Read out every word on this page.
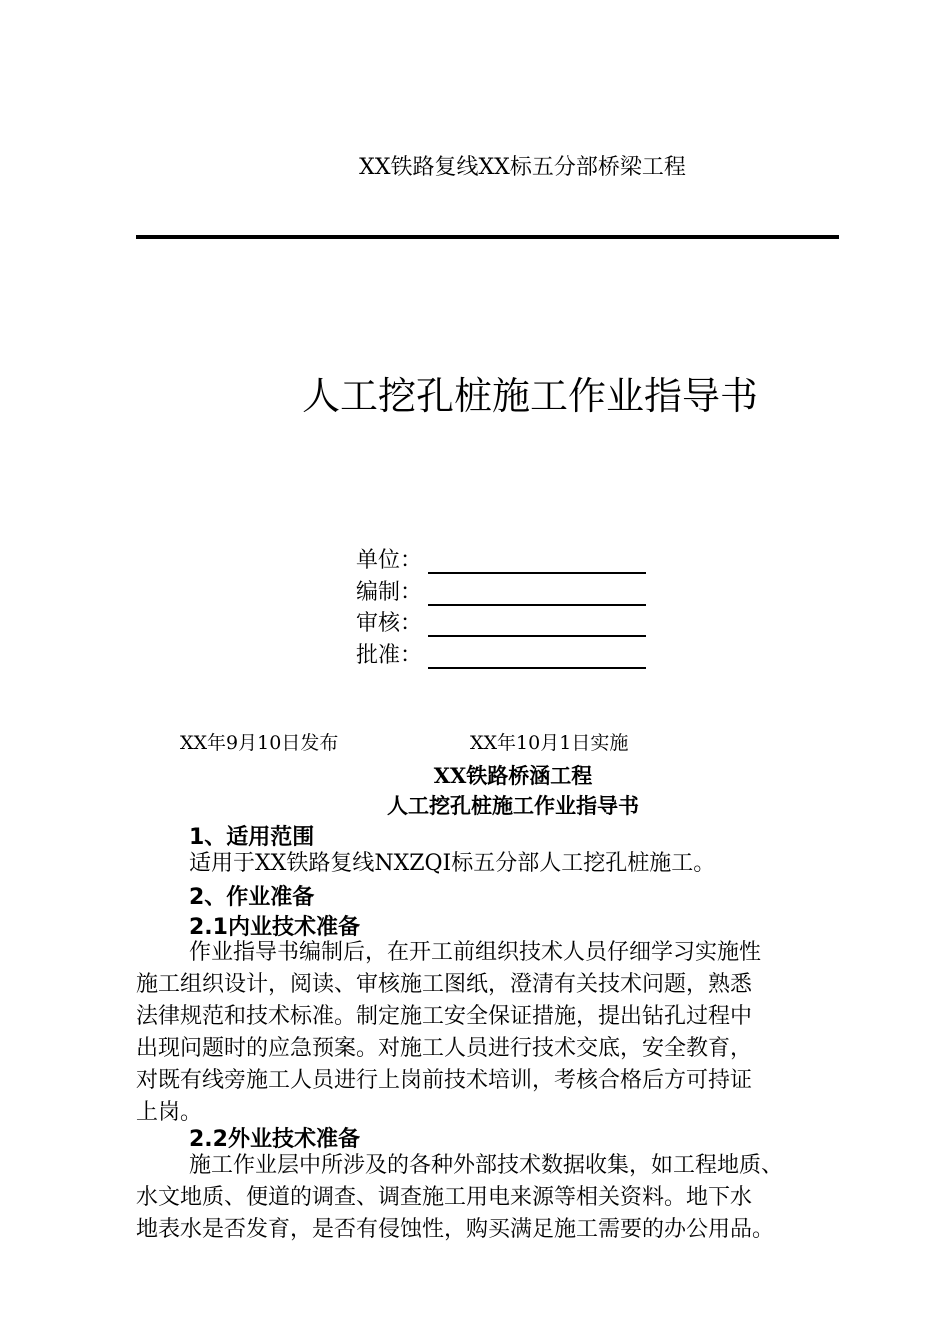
XX铁路复线XX标五分部桥梁工程
人工挖孔桩施工作业指导书
单位：
编制：
审核：
批准：
XX年9月10日发布	XX年10月1日实施
XX铁路桥涵工程
人工挖孔桩施工作业指导书
1、适用范围
适用于XX铁路复线NXZQI标五分部人工挖孔桩施工。
2、作业准备
2.1内业技术准备
作业指导书编制后，在开工前组织技术人员仔细学习实施性
施工组织设计，阅读、审核施工图纸，澄清有关技术问题，熟悉
法律规范和技术标准。制定施工安全保证措施，提出钻孔过程中
出现问题时的应急预案。对施工人员进行技术交底，安全教育，
对既有线旁施工人员进行上岗前技术培训，考核合格后方可持证
上岗。
2.2外业技术准备
施工作业层中所涉及的各种外部技术数据收集，如工程地质、
水文地质、便道的调查、调查施工用电来源等相关资料。地下水
地表水是否发育，是否有侵蚀性，购买满足施工需要的办公用品。
